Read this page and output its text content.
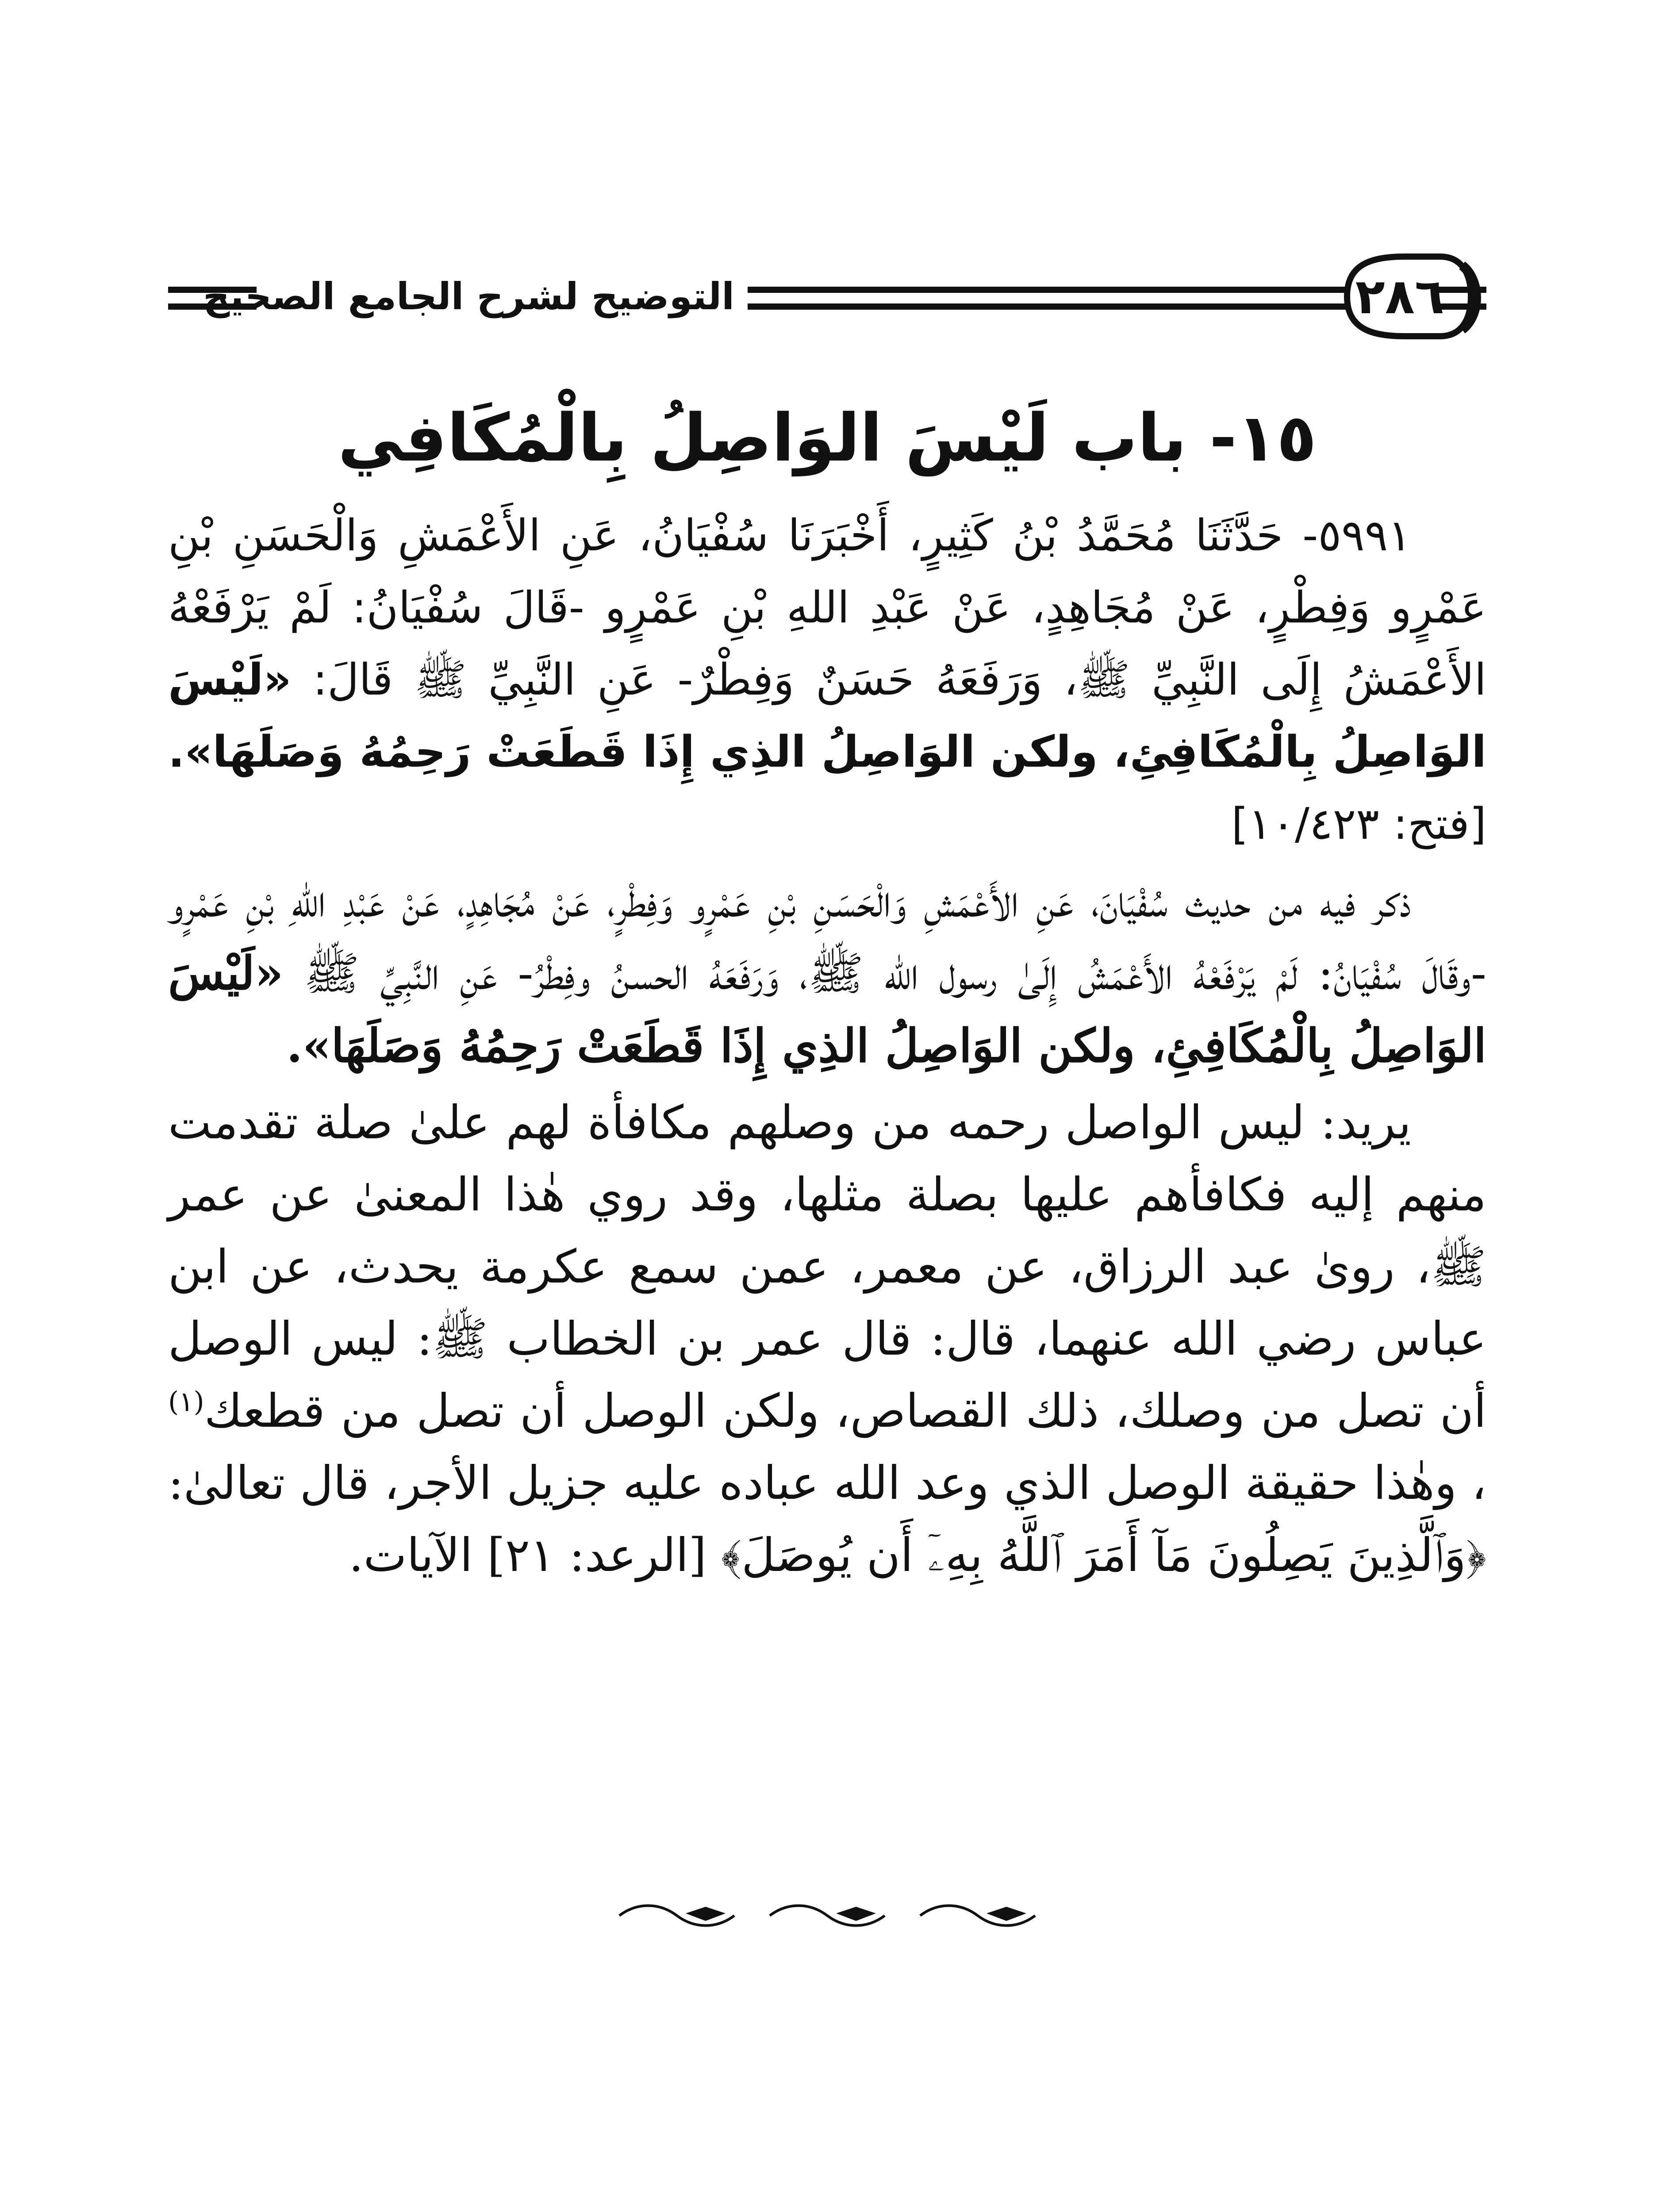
التوضيح لشرح الجامع الصحيح	٢٨٦
١٥- باب لَيْسَ الوَاصِلُ بِالْمُكَافِي

٥٩٩١- حَدَّثَنَا مُحَمَّدُ بْنُ كَثِيرٍ، أَخْبَرَنَا سُفْيَانُ، عَنِ الأَعْمَشِ وَالْحَسَنِ بْنِ عَمْرٍو وَفِطْرٍ، عَنْ مُجَاهِدٍ، عَنْ عَبْدِ اللهِ بْنِ عَمْرٍو -قَالَ سُفْيَانُ: لَمْ يَرْفَعْهُ الأَعْمَشُ إِلَى النَّبِيِّ ﷺ، وَرَفَعَهُ حَسَنٌ وَفِطْرٌ- عَنِ النَّبِيِّ ﷺ قَالَ: «لَيْسَ الوَاصِلُ بِالْمُكَافِئِ، ولكن الوَاصِلُ الذِي إِذَا قَطَعَتْ رَحِمُهُ وَصَلَهَا». [فتح: ١٠/٤٢٣]

ذكر فيه من حديث سُفْيَانَ، عَنِ الأَعْمَشِ وَالْحَسَنِ بْنِ عَمْرٍو وَفِطْرٍ، عَنْ مُجَاهِدٍ، عَنْ عَبْدِ اللهِ بْنِ عَمْرٍو -وقَالَ سُفْيَانُ: لَمْ يَرْفَعْهُ الأَعْمَشُ إِلَىٰ رسول الله ﷺ، وَرَفَعَهُ الحسنُ وفِطْرُ- عَنِ النَّبِيِّ ﷺ «لَيْسَ الوَاصِلُ بِالْمُكَافِئِ، ولكن الوَاصِلُ الذِي إِذَا قَطَعَتْ رَحِمُهُ وَصَلَهَا».

يريد: ليس الواصل رحمه من وصلهم مكافأة لهم علىٰ صلة تقدمت منهم إليه فكافأهم عليها بصلة مثلها، وقد روي هٰذا المعنىٰ عن عمر ﷺ، رویٰ عبد الرزاق، عن معمر، عمن سمع عكرمة يحدث، عن ابن عباس رضي الله عنهما، قال: قال عمر بن الخطاب ﷺ: ليس الوصل أن تصل من وصلك، ذلك القصاص، ولكن الوصل أن تصل من قطعك$^{(١)}$ ، وهٰذا حقيقة الوصل الذي وعد الله عباده عليه جزيل الأجر، قال تعالىٰ: ﴿وَٱلَّذِينَ يَصِلُونَ مَآ أَمَرَ ٱللَّهُ بِهِۦٓ أَن يُوصَلَ﴾ [الرعد: ٢١] الآيات.
